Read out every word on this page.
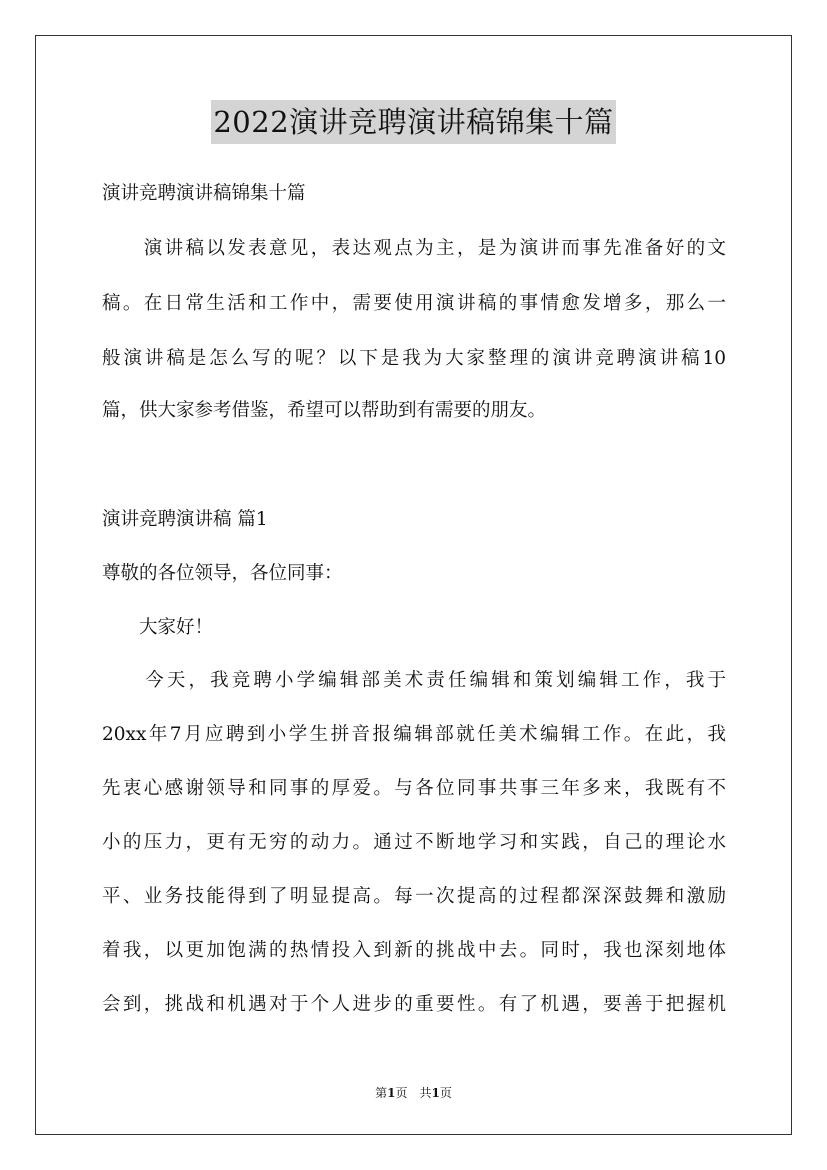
2022演讲竞聘演讲稿锦集十篇
演讲竞聘演讲稿锦集十篇
　　演讲稿以发表意见，表达观点为主，是为演讲而事先准备好的文
稿。在日常生活和工作中，需要使用演讲稿的事情愈发增多，那么一
般演讲稿是怎么写的呢？以下是我为大家整理的演讲竞聘演讲稿10
篇，供大家参考借鉴，希望可以帮助到有需要的朋友。
演讲竞聘演讲稿 篇1
尊敬的各位领导，各位同事：
　　大家好！
　　今天，我竞聘小学编辑部美术责任编辑和策划编辑工作，我于
20xx年7月应聘到小学生拼音报编辑部就任美术编辑工作。在此，我
先衷心感谢领导和同事的厚爱。与各位同事共事三年多来，我既有不
小的压力，更有无穷的动力。通过不断地学习和实践，自己的理论水
平、业务技能得到了明显提高。每一次提高的过程都深深鼓舞和激励
着我，以更加饱满的热情投入到新的挑战中去。同时，我也深刻地体
会到，挑战和机遇对于个人进步的重要性。有了机遇，要善于把握机
第1页　共1页
